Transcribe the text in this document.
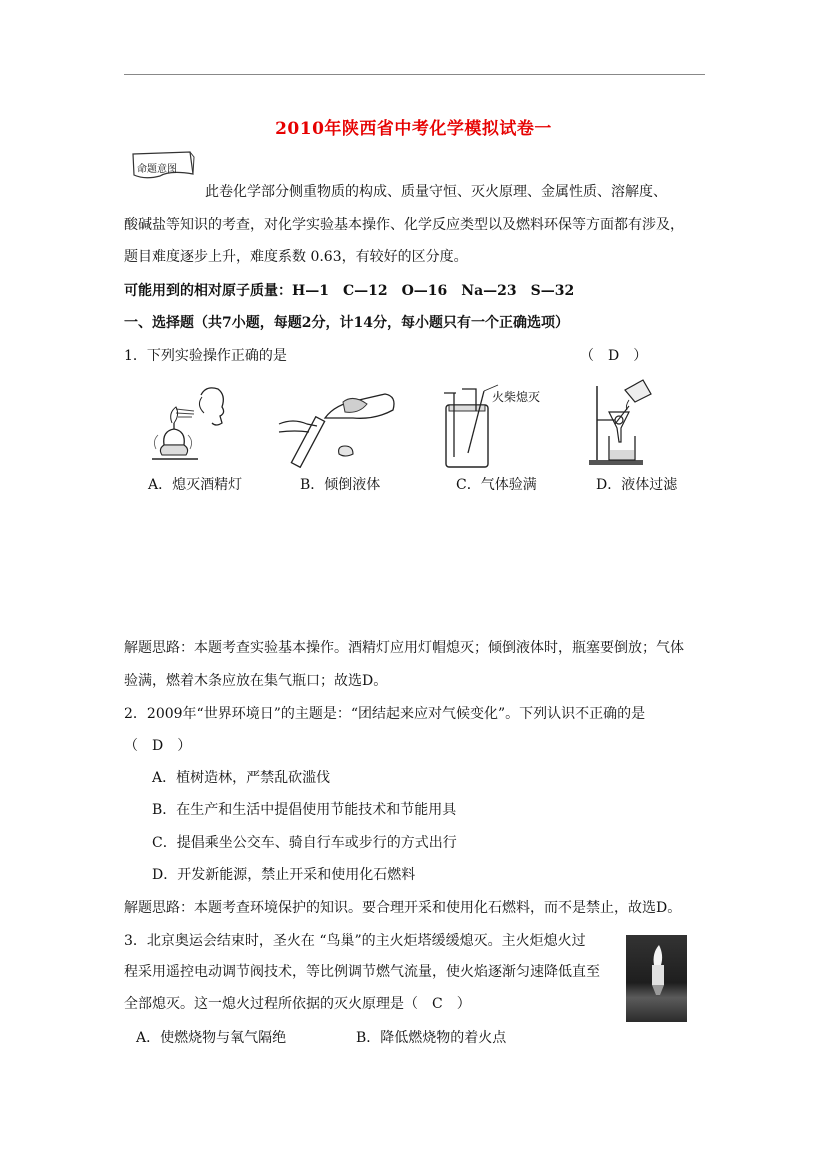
2010年陕西省中考化学模拟试卷一
命题意图
此卷化学部分侧重物质的构成、质量守恒、灭火原理、金属性质、溶解度、
酸碱盐等知识的考查，对化学实验基本操作、化学反应类型以及燃料环保等方面都有涉及，
题目难度逐步上升，难度系数 0.63，有较好的区分度。
可能用到的相对原子质量：H—1　C—12　O—16　Na—23　S—32
一、选择题（共7小题，每题2分，计14分，每小题只有一个正确选项）
1．下列实验操作正确的是	（　D　）
火柴熄灭
A．熄灭酒精灯	B．倾倒液体	C．气体验满	D．液体过滤
解题思路：本题考查实验基本操作。酒精灯应用灯帽熄灭；倾倒液体时，瓶塞要倒放；气体
验满，燃着木条应放在集气瓶口；故选D。
2．2009年“世界环境日”的主题是：“团结起来应对气候变化”。下列认识不正确的是
（　D　）
A．植树造林，严禁乱砍滥伐
B．在生产和生活中提倡使用节能技术和节能用具
C．提倡乘坐公交车、骑自行车或步行的方式出行
D．开发新能源，禁止开采和使用化石燃料
解题思路：本题考查环境保护的知识。要合理开采和使用化石燃料，而不是禁止，故选D。
3．北京奥运会结束时，圣火在 “鸟巢”的主火炬塔缓缓熄灭。主火炬熄火过
程采用遥控电动调节阀技术，等比例调节燃气流量，使火焰逐渐匀速降低直至
全部熄灭。这一熄火过程所依据的灭火原理是（　C　）
A．使燃烧物与氧气隔绝	B．降低燃烧物的着火点
